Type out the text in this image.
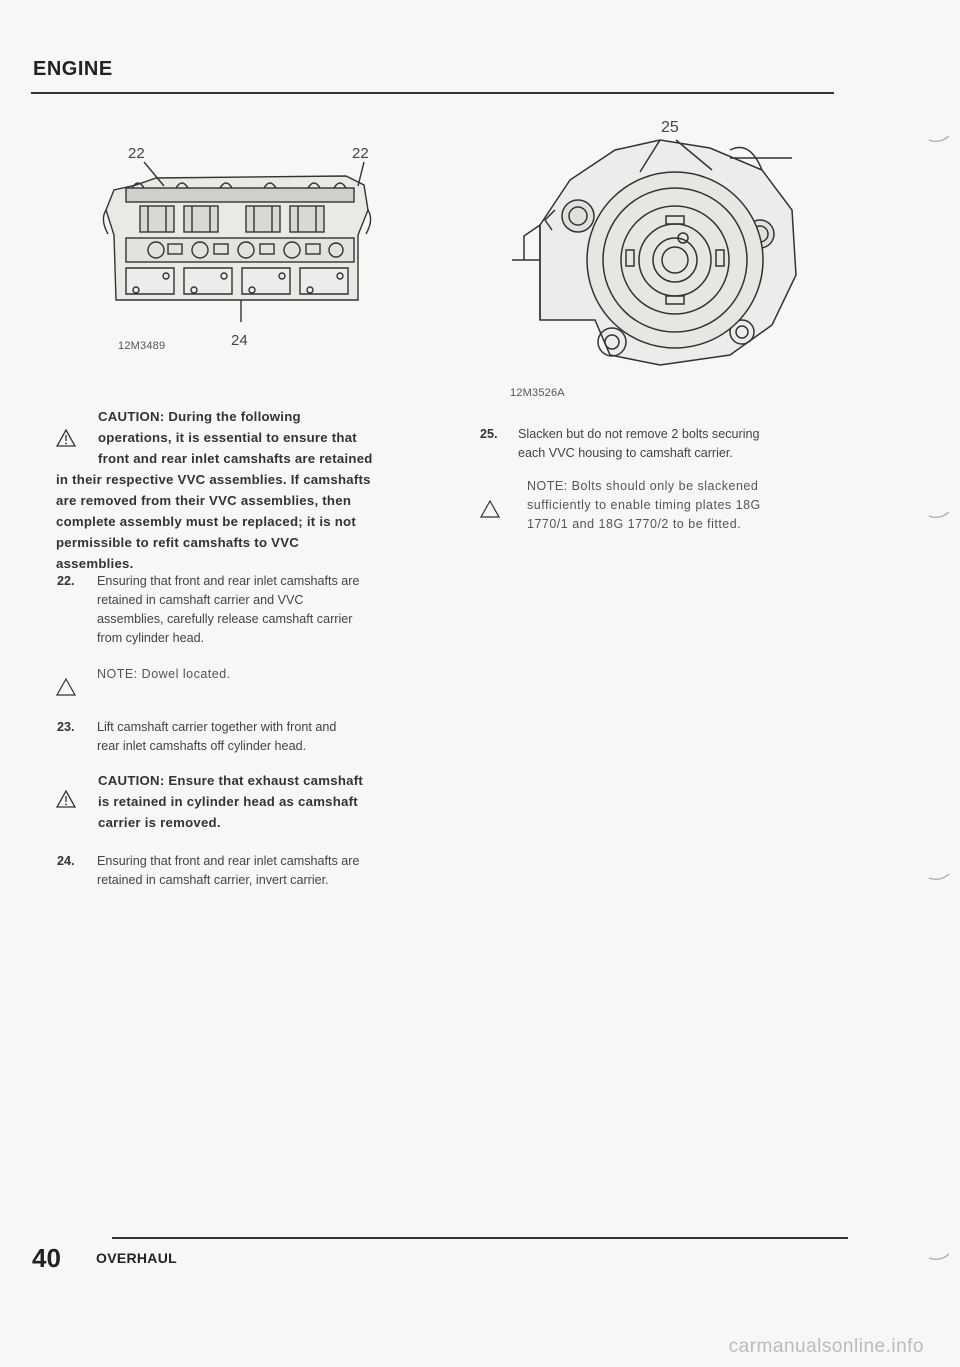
ENGINE
22	22
24
12M3489
25
12M3526A
CAUTION: During the following
operations, it is essential to ensure that
front and rear inlet camshafts are retained
in their respective VVC assemblies. If camshafts
are removed from their VVC assemblies, then
complete assembly must be replaced; it is not
permissible to refit camshafts to VVC
assemblies.
22. Ensuring that front and rear inlet camshafts are
retained in camshaft carrier and VVC
assemblies, carefully release camshaft carrier
from cylinder head.
NOTE: Dowel located.
23. Lift camshaft carrier together with front and
rear inlet camshafts off cylinder head.
CAUTION: Ensure that exhaust camshaft
is retained in cylinder head as camshaft
carrier is removed.
24. Ensuring that front and rear inlet camshafts are
retained in camshaft carrier, invert carrier.
25. Slacken but do not remove 2 bolts securing
each VVC housing to camshaft carrier.
NOTE: Bolts should only be slackened
sufficiently to enable timing plates 18G
1770/1 and 18G 1770/2 to be fitted.
40	OVERHAUL
carmanualsonline.info
